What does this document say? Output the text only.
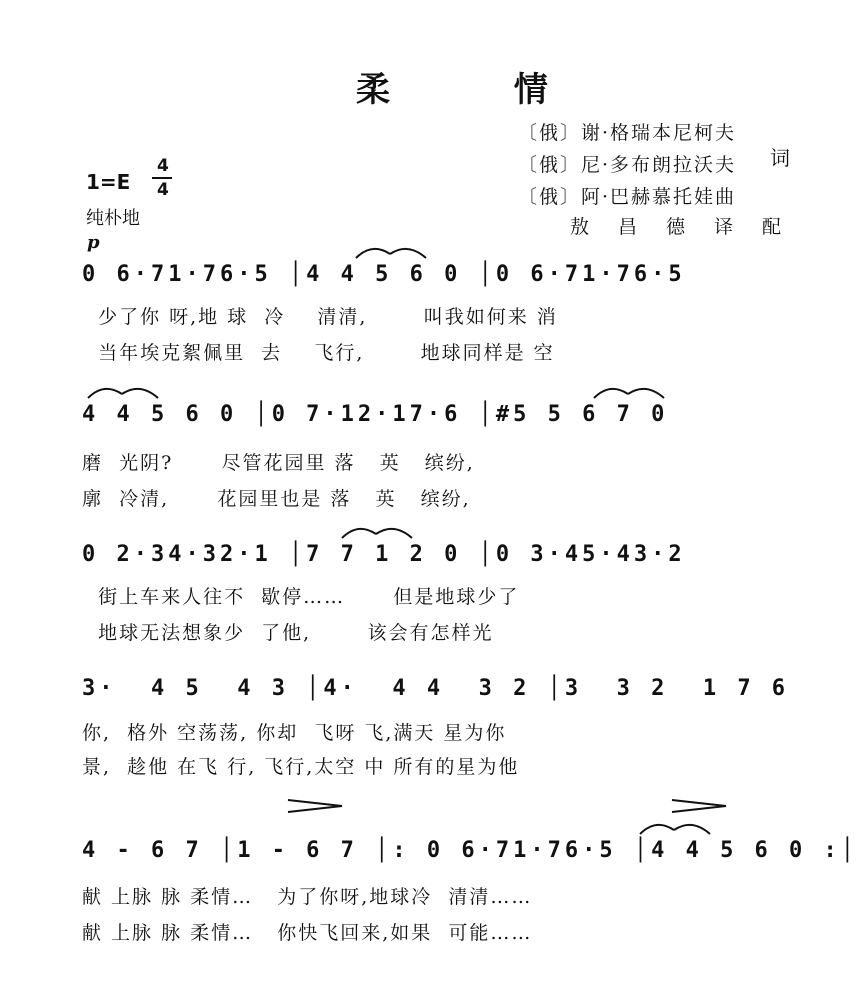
柔 情
〔俄〕谢·格瑞本尼柯夫
〔俄〕尼·多布朗拉沃夫 词
〔俄〕阿·巴赫慕托娃曲
敖昌德译配
1=E
4
4
纯朴地
p
0 6·71·76·5 │4 4 5 6 0 │0 6·71·76·5
少了你 呀,地 球  冷    清清,       叫我如何来 消
当年埃克絮佩里  去    飞行,       地球同样是 空
4 4 5 6 0 │0 7·12·17·6 │#5 5 6 7 0
磨  光阴?      尽管花园里 落   英   缤纷,
廓  冷清,      花园里也是 落   英   缤纷,
0 2·34·32·1 │7 7 1 2 0 │0 3·45·43·2
街上车来人往不  歇停……      但是地球少了
地球无法想象少  了他,       该会有怎样光
3·  4 5  4 3 │4·  4 4  3 2 │3  3 2  1 7 6
你,  格外 空荡荡, 你却  飞呀 飞,满天 星为你
景,  趁他 在飞 行, 飞行,太空 中 所有的星为他
4 - 6 7 │1 - 6 7 │: 0 6·71·76·5 │4 4 5 6 0 :│
献 上脉 脉 柔情…   为了你呀,地球冷  清清……
献 上脉 脉 柔情…   你快飞回来,如果  可能……
